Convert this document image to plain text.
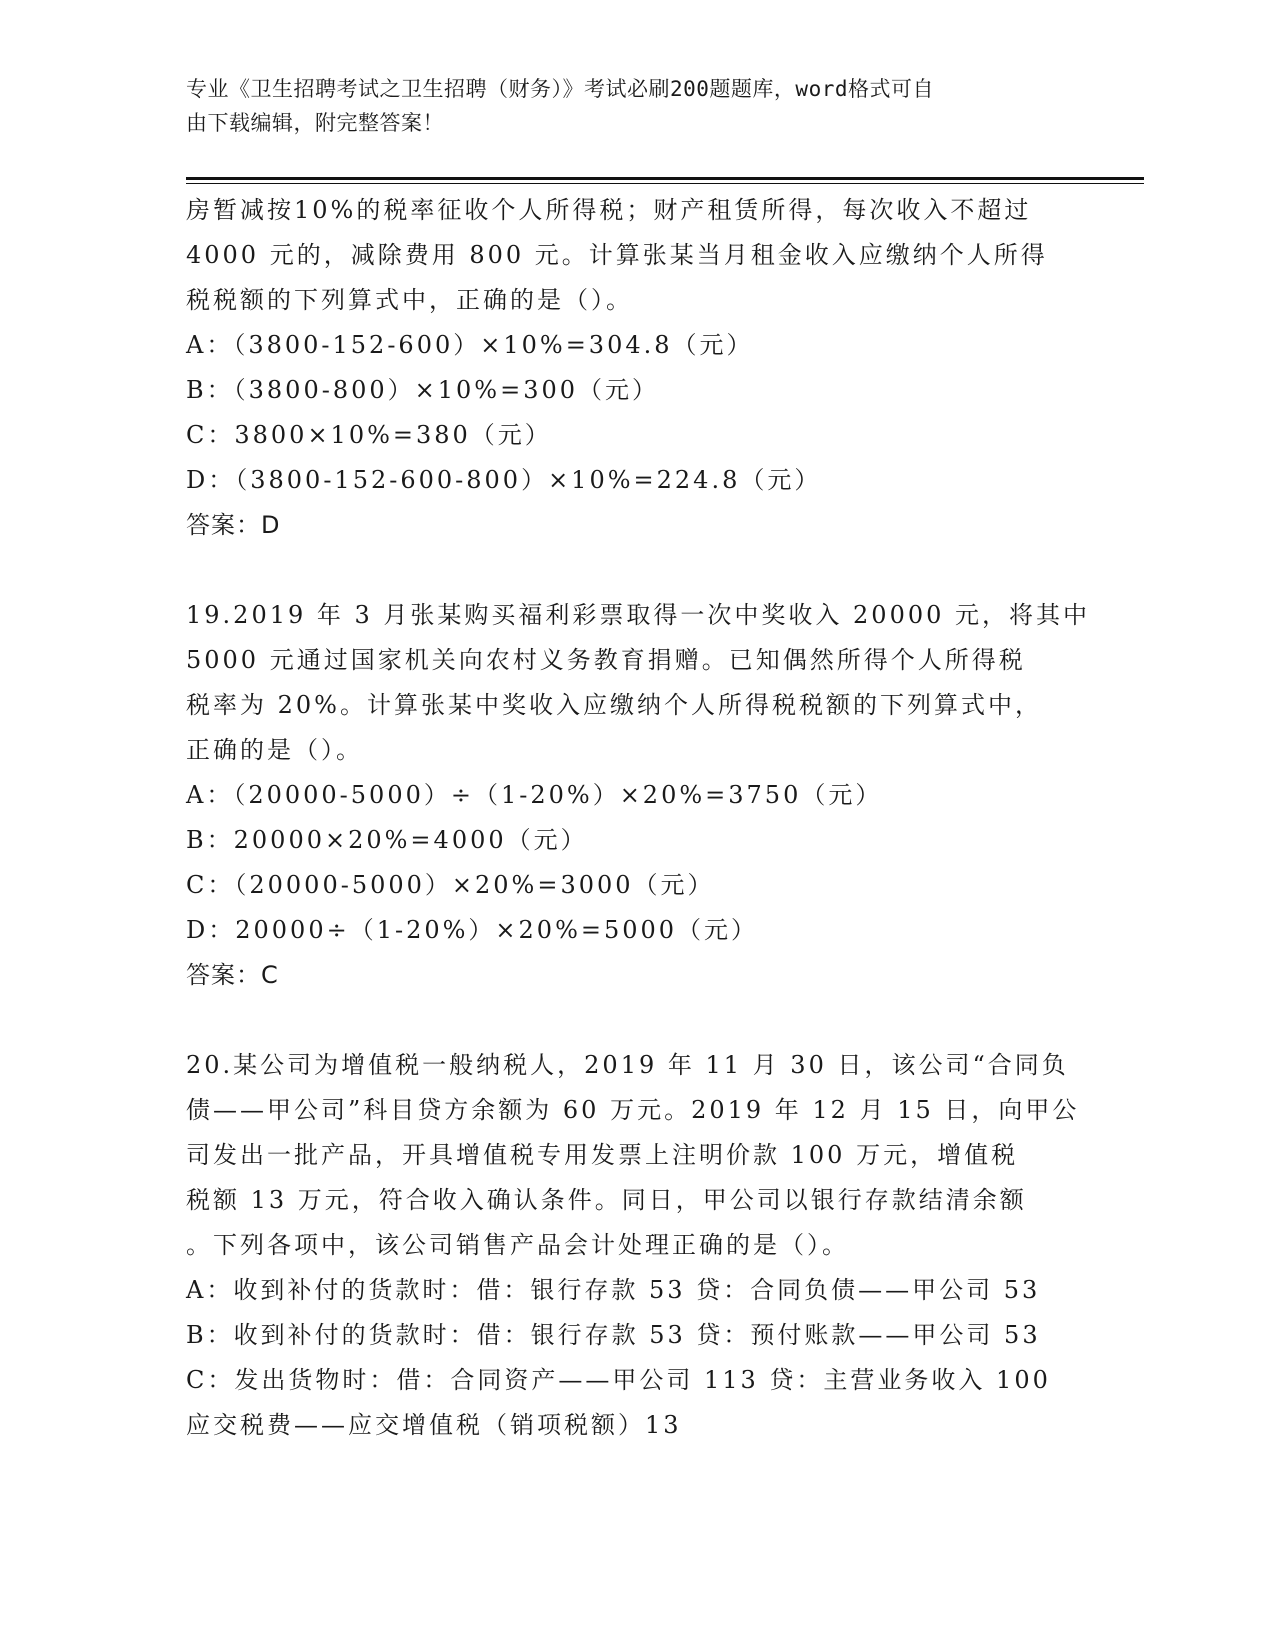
专业《卫生招聘考试之卫生招聘（财务）》考试必刷200题题库，word格式可自
由下载编辑，附完整答案！
房暂减按10%的税率征收个人所得税；财产租赁所得，每次收入不超过
4000 元的，减除费用 800 元。计算张某当月租金收入应缴纳个人所得
税税额的下列算式中，正确的是（）。
A：（3800-152-600）×10%=304.8（元）
B：（3800-800）×10%=300（元）
C：3800×10%=380（元）
D：（3800-152-600-800）×10%=224.8（元）
答案：D
19.2019 年 3 月张某购买福利彩票取得一次中奖收入 20000 元，将其中
5000 元通过国家机关向农村义务教育捐赠。已知偶然所得个人所得税
税率为 20%。计算张某中奖收入应缴纳个人所得税税额的下列算式中，
正确的是（）。
A：（20000-5000）÷（1-20%）×20%=3750（元）
B：20000×20%=4000（元）
C：（20000-5000）×20%=3000（元）
D：20000÷（1-20%）×20%=5000（元）
答案：C
20.某公司为增值税一般纳税人，2019 年 11 月 30 日，该公司“合同负
债——甲公司”科目贷方余额为 60 万元。2019 年 12 月 15 日，向甲公
司发出一批产品，开具增值税专用发票上注明价款 100 万元，增值税
税额 13 万元，符合收入确认条件。同日，甲公司以银行存款结清余额
。下列各项中，该公司销售产品会计处理正确的是（）。
A：收到补付的货款时：借：银行存款 53 贷：合同负债——甲公司 53
B：收到补付的货款时：借：银行存款 53 贷：预付账款——甲公司 53
C：发出货物时：借：合同资产——甲公司 113 贷：主营业务收入 100
应交税费——应交增值税（销项税额）13
